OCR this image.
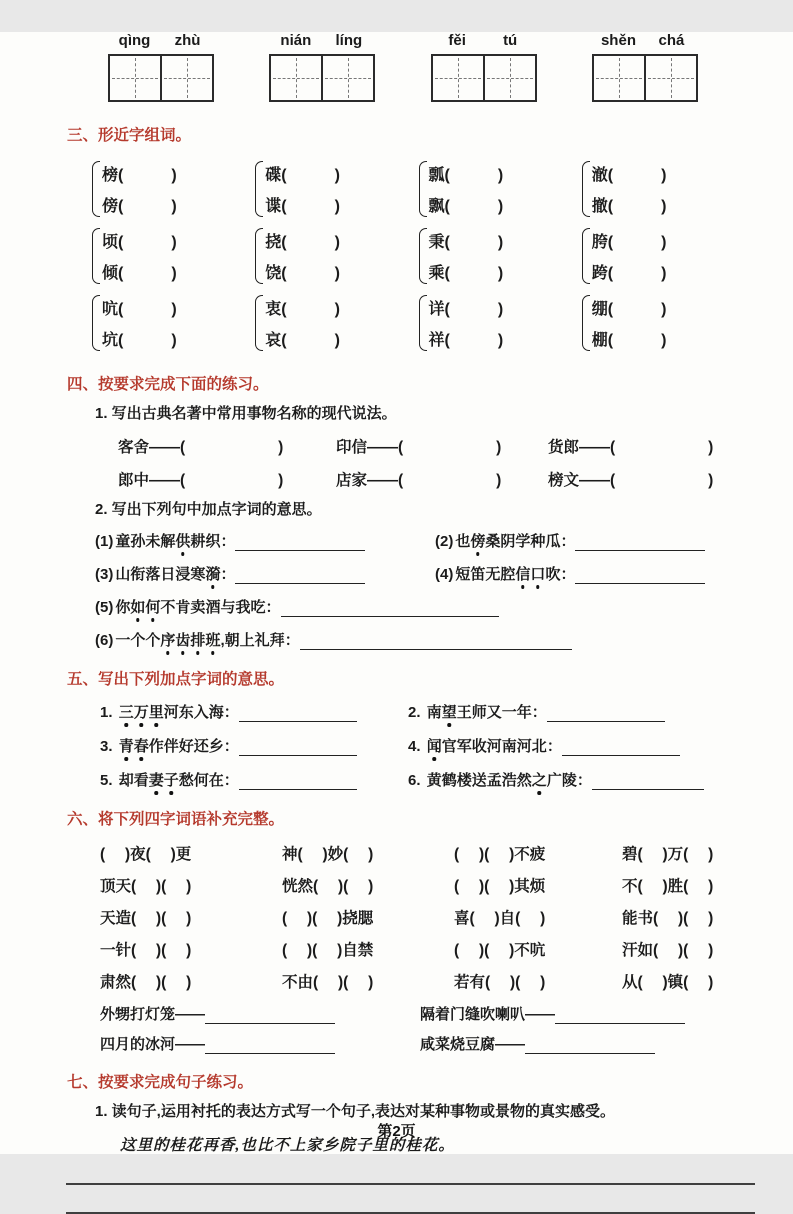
qìng	zhù	nián	líng	fěi	tú	shěn	chá
三、形近字组词。
榜(　　　)
傍(　　　)
碟(　　　)
谍(　　　)
瓢(　　　)
飘(　　　)
澈(　　　)
撤(　　　)
顷(　　　)
倾(　　　)
挠(　　　)
饶(　　　)
秉(　　　)
乘(　　　)
胯(　　　)
跨(　　　)
吭(　　　)
坑(　　　)
衷(　　　)
哀(　　　)
详(　　　)
祥(　　　)
绷(　　　)
棚(　　　)
四、按要求完成下面的练习。
1. 写出古典名著中常用事物名称的现代说法。
客舍——(　　　　　　)	印信——(　　　　　　)	货郎——(　　　　　　)
郎中——(　　　　　　)	店家——(　　　　　　)	榜文——(　　　　　　)
2. 写出下列句中加点字词的意思。
(1) 童孙未解供耕织：	(2) 也傍桑阴学种瓜：
(3) 山衔落日浸寒漪：	(4) 短笛无腔信口吹：
(5) 你如何不肯卖酒与我吃：
(6) 一个个序齿排班,朝上礼拜：
五、写出下列加点字词的意思。
1. 三万里河东入海：	2. 南望王师又一年：
3. 青春作伴好还乡：	4. 闻官军收河南河北：
5. 却看妻子愁何在：	6. 黄鹤楼送孟浩然之广陵：
六、将下列四字词语补充完整。
(　 )夜(　 )更	神(　 )妙(　 )	(　 )(　 )不疲	碧(　 )万(　 )
顶天(　 )(　 )	恍然(　 )(　 )	(　 )(　 )其烦	不(　 )胜(　 )
天造(　 )(　 )	(　 )(　 )挠腮	喜(　 )自(　 )	能书(　 )(　 )
一针(　 )(　 )	(　 )(　 )自禁	(　 )(　 )不吭	汗如(　 )(　 )
肃然(　 )(　 )	不由(　 )(　 )	若有(　 )(　 )	从(　 )镇(　 )
外甥打灯笼——	隔着门缝吹喇叭——
四月的冰河——	咸菜烧豆腐——
七、按要求完成句子练习。
1. 读句子,运用衬托的表达方式写一个句子,表达对某种事物或景物的真实感受。
这里的桂花再香,也比不上家乡院子里的桂花。
第2页
